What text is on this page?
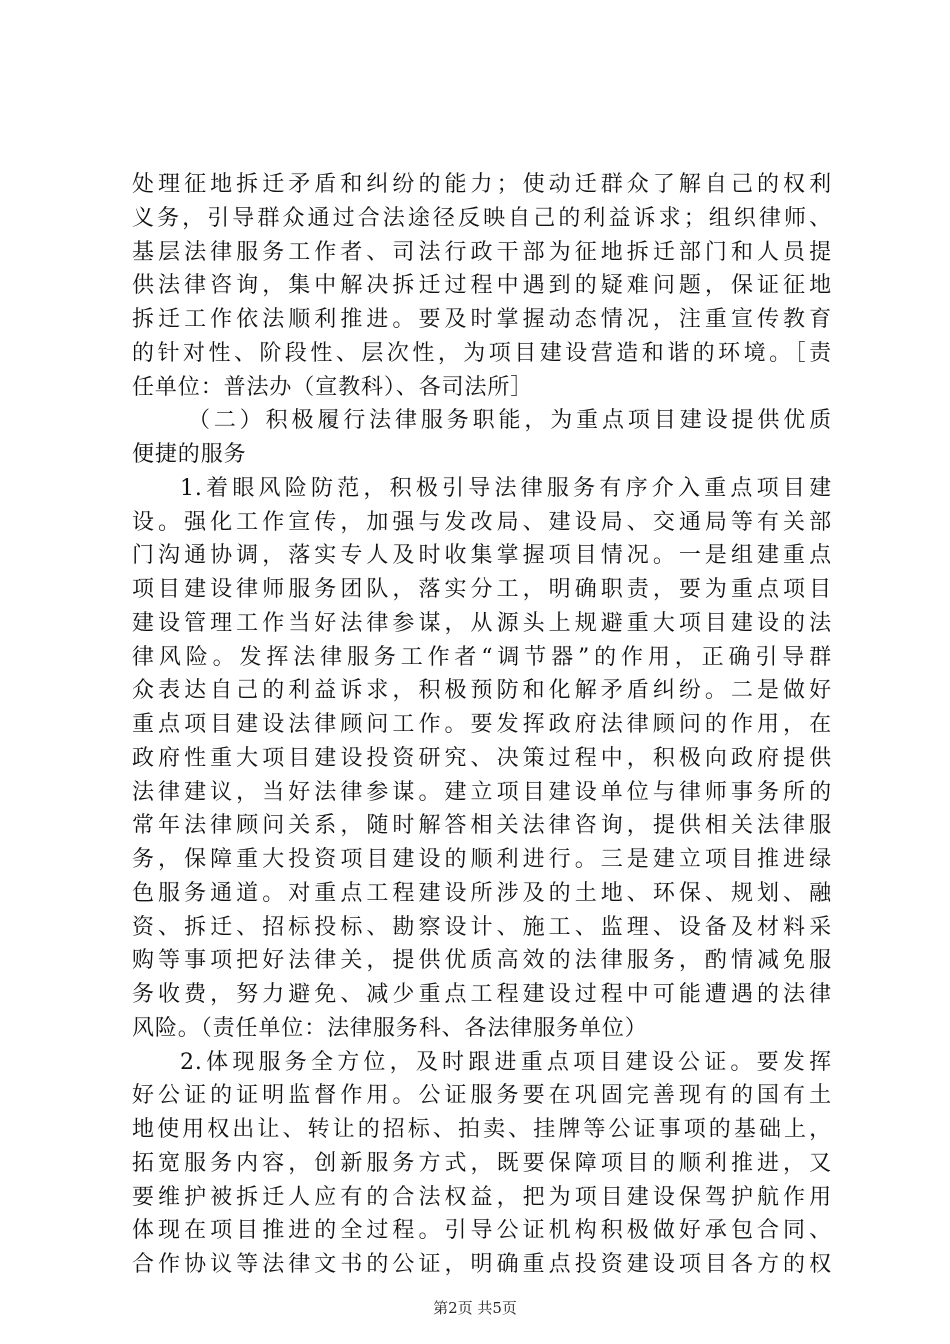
处理征地拆迁矛盾和纠纷的能力；使动迁群众了解自己的权利
义务，引导群众通过合法途径反映自己的利益诉求；组织律师、
基层法律服务工作者、司法行政干部为征地拆迁部门和人员提
供法律咨询，集中解决拆迁过程中遇到的疑难问题，保证征地
拆迁工作依法顺利推进。要及时掌握动态情况，注重宣传教育
的针对性、阶段性、层次性，为项目建设营造和谐的环境。［责
任单位：普法办（宣教科）、各司法所］
（二）积极履行法律服务职能，为重点项目建设提供优质
便捷的服务
1.着眼风险防范，积极引导法律服务有序介入重点项目建
设。强化工作宣传，加强与发改局、建设局、交通局等有关部
门沟通协调，落实专人及时收集掌握项目情况。一是组建重点
项目建设律师服务团队，落实分工，明确职责，要为重点项目
建设管理工作当好法律参谋，从源头上规避重大项目建设的法
律风险。发挥法律服务工作者“调节器”的作用，正确引导群
众表达自己的利益诉求，积极预防和化解矛盾纠纷。二是做好
重点项目建设法律顾问工作。要发挥政府法律顾问的作用，在
政府性重大项目建设投资研究、决策过程中，积极向政府提供
法律建议，当好法律参谋。建立项目建设单位与律师事务所的
常年法律顾问关系，随时解答相关法律咨询，提供相关法律服
务，保障重大投资项目建设的顺利进行。三是建立项目推进绿
色服务通道。对重点工程建设所涉及的土地、环保、规划、融
资、拆迁、招标投标、勘察设计、施工、监理、设备及材料采
购等事项把好法律关，提供优质高效的法律服务，酌情减免服
务收费，努力避免、减少重点工程建设过程中可能遭遇的法律
风险。（责任单位：法律服务科、各法律服务单位）
2.体现服务全方位，及时跟进重点项目建设公证。要发挥
好公证的证明监督作用。公证服务要在巩固完善现有的国有土
地使用权出让、转让的招标、拍卖、挂牌等公证事项的基础上，
拓宽服务内容，创新服务方式，既要保障项目的顺利推进，又
要维护被拆迁人应有的合法权益，把为项目建设保驾护航作用
体现在项目推进的全过程。引导公证机构积极做好承包合同、
合作协议等法律文书的公证，明确重点投资建设项目各方的权
第2页 共5页
